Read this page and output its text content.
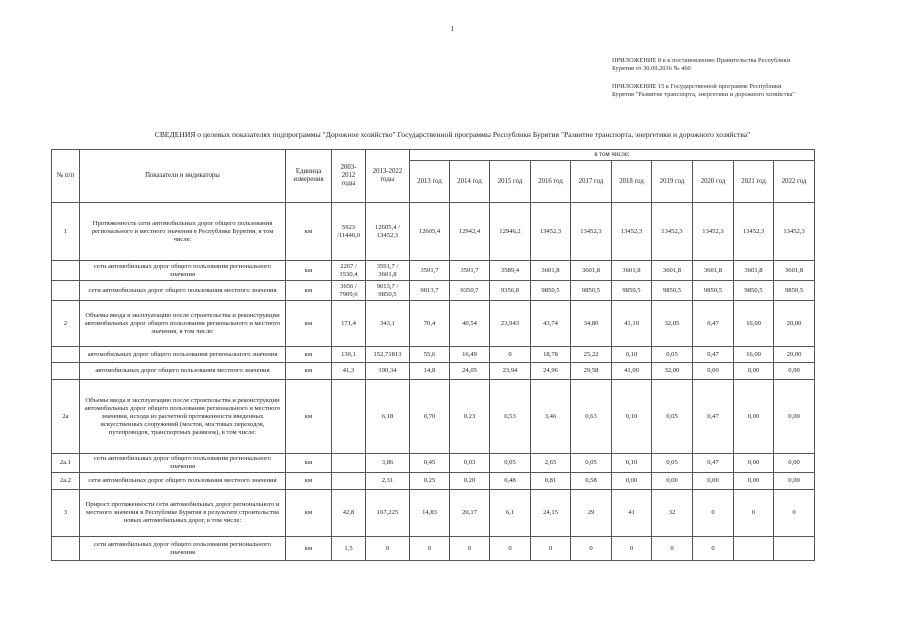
1
ПРИЛОЖЕНИЕ 8 к к постановлению Правительства Республики
Бурятия от 30.09.2016 № 460
ПРИЛОЖЕНИЕ 15 к Государственной программе Республики
Бурятия "Развитие транспорта, энергетики и дорожного хозяйства"
СВЕДЕНИЯ о целевых показателях подпрограммы "Дорожное хозяйство" Государственной программы Республики Бурятия "Развитие транспорта, энергетики и дорожного хозяйства"
№ п/п	Показатели и индикаторы	Единица измерения	2003-2012 годы	2013-2022 годы	в том числе:									
					2013 год	2014 год	2015 год	2016 год	2017 год	2018 год	2019 год	2020 год	2021 год	2022 год
1	Протяженность сети автомобильных дорог общего пользования регионального и местного значения в Республике Бурятия, в том числе:	км	5923 /11440,0	12605,4 / 13452,3	12605,4	12942,4	12946,2	13452,3	13452,3	13452,3	13452,3	13452,3	13452,3	13452,3
	сети автомобильных дорог общего пользования регионального значения	км	2267 / 3530,4	3591,7 / 3601,8	3591,7	3591,7	3589,4	3601,8	3601,8	3601,8	3601,8	3601,8	3601,8	3601,8
	сети автомобильных дорог общего пользования местного значения	км	3656 / 7909,6	9013,7 / 9850,5	9013,7	9350,7	9356,8	9850,5	9850,5	9850,5	9850,5	9850,5	9850,5	9850,5
2	Объемы ввода в эксплуатацию после строительства и реконструкции автомобильных дорог общего пользования регионального и местного значения, в том числе:	км	171,4	343,1	70,4	40,54	23,943	43,74	34,80	41,10	32,05	0,47	16,00	20,00
	автомобильных дорог общего пользования регионального значения	км	130,1	152,71813	55,6	16,49	0	18,78	25,22	0,10	0,05	0,47	16,00	20,00
	автомобильных дорог общего пользования местного значения	км	41,3	190,34	14,8	24,05	23,94	24,96	29,58	41,00	32,00	0,00	0,00	0,00
2а	Объемы ввода в эксплуатацию после строительства и реконструкции автомобильных дорог общего пользования регионального и местного значения, исходя из расчетной протяженности введенных искусственных сооружений (мостов, мостовых переходов, путепроводов, транспортных развязок), в том числе:	км		6,18	0,70	0,23	0,53	3,46	0,63	0,10	0,05	0,47	0,00	0,00
2а.1	сети автомобильных дорог общего пользования регионального значения	км		3,86	0,45	0,03	0,05	2,65	0,05	0,10	0,05	0,47	0,00	0,00
2а.2	сети автомобильных дорог общего пользования местного значения	км		2,31	0,25	0,20	0,48	0,81	0,58	0,00	0,00	0,00	0,00	0,00
3	Прирост протяженности сети автомобильных дорог регионального и местного значения в Республике Бурятия в результате строительства новых автомобильных дорог, в том числе:	км	42,8	167,225	14,83	20,17	6,1	24,15	29	41	32	0	0	0
	сети автомобильных дорог общего пользования регионального значения	км	1,5	0	0	0	0	0	0	0	0	0		
